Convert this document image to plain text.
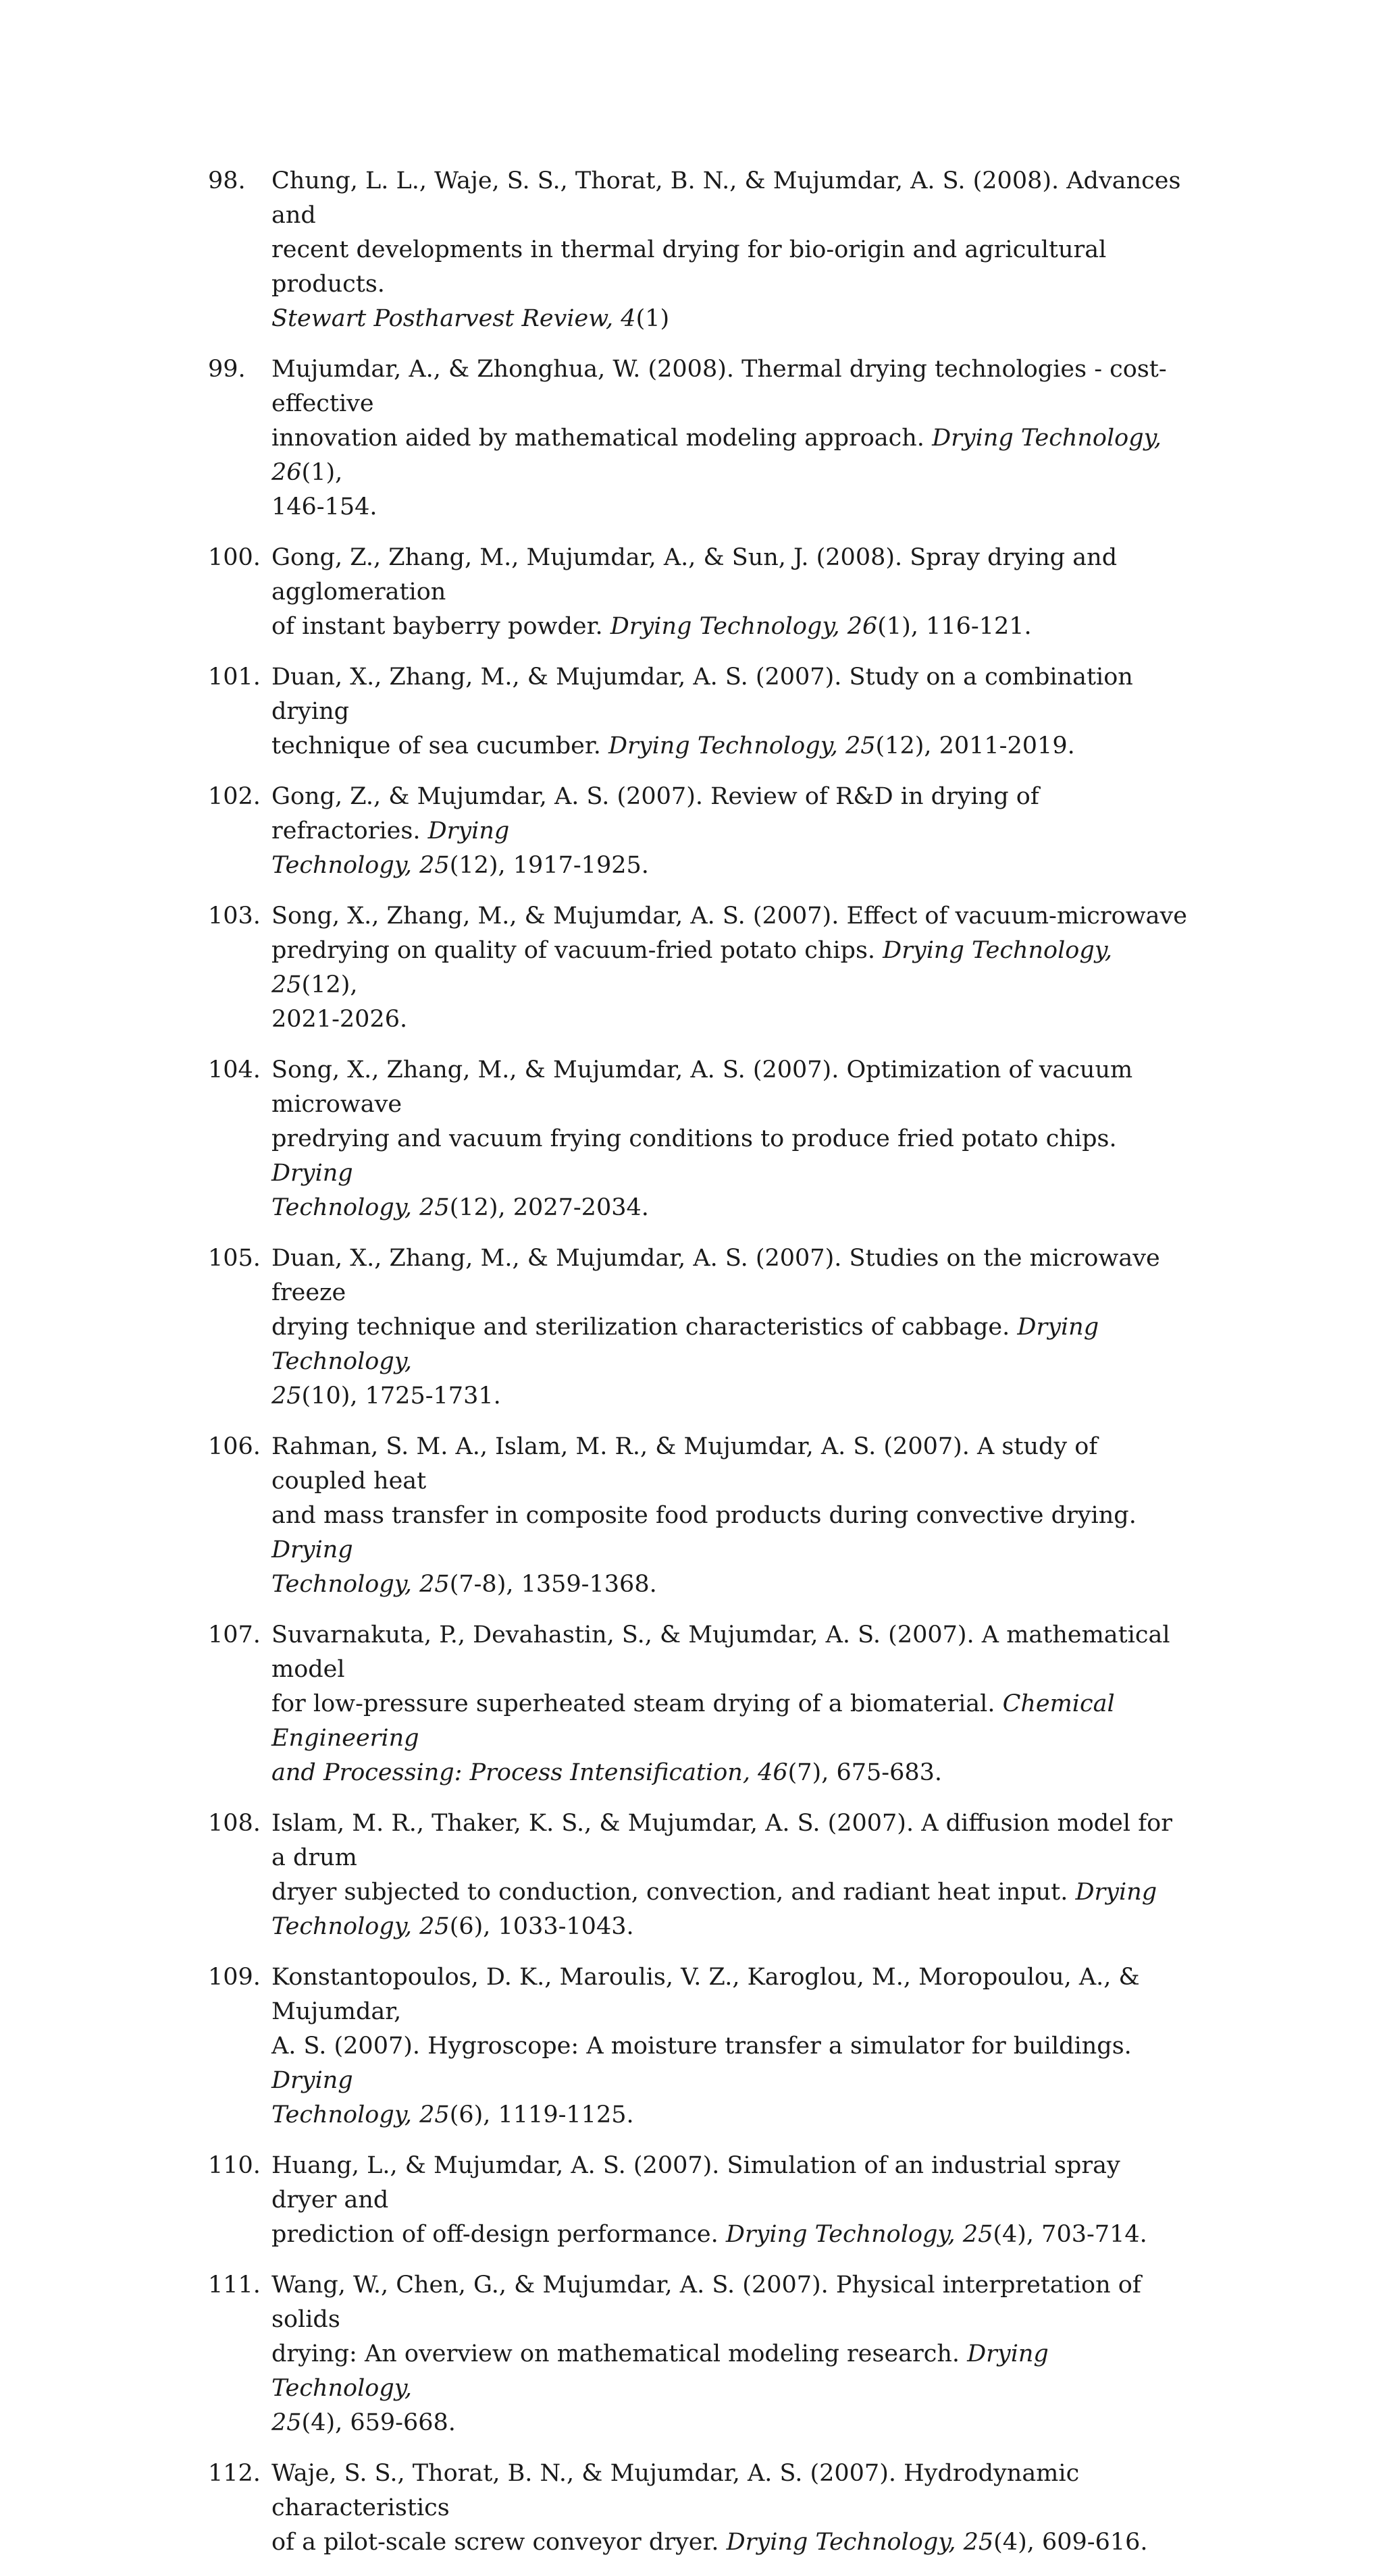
98.	Chung, L. L., Waje, S. S., Thorat, B. N., & Mujumdar, A. S. (2008). Advances and
recent developments in thermal drying for bio-origin and agricultural products.
Stewart Postharvest Review, 4(1)
99.	Mujumdar, A., & Zhonghua, W. (2008). Thermal drying technologies - cost-effective
innovation aided by mathematical modeling approach. Drying Technology, 26(1),
146-154.
100. Gong, Z., Zhang, M., Mujumdar, A., & Sun, J. (2008). Spray drying and agglomeration
of instant bayberry powder. Drying Technology, 26(1), 116-121.
101. Duan, X., Zhang, M., & Mujumdar, A. S. (2007). Study on a combination drying
technique of sea cucumber. Drying Technology, 25(12), 2011-2019.
102. Gong, Z., & Mujumdar, A. S. (2007). Review of R&D in drying of refractories. Drying
Technology, 25(12), 1917-1925.
103. Song, X., Zhang, M., & Mujumdar, A. S. (2007). Effect of vacuum-microwave
predrying on quality of vacuum-fried potato chips. Drying Technology, 25(12),
2021-2026.
104. Song, X., Zhang, M., & Mujumdar, A. S. (2007). Optimization of vacuum microwave
predrying and vacuum frying conditions to produce fried potato chips. Drying
Technology, 25(12), 2027-2034.
105. Duan, X., Zhang, M., & Mujumdar, A. S. (2007). Studies on the microwave freeze
drying technique and sterilization characteristics of cabbage. Drying Technology,
25(10), 1725-1731.
106. Rahman, S. M. A., Islam, M. R., & Mujumdar, A. S. (2007). A study of coupled heat
and mass transfer in composite food products during convective drying. Drying
Technology, 25(7-8), 1359-1368.
107. Suvarnakuta, P., Devahastin, S., & Mujumdar, A. S. (2007). A mathematical model
for low-pressure superheated steam drying of a biomaterial. Chemical Engineering
and Processing: Process Intensification, 46(7), 675-683.
108. Islam, M. R., Thaker, K. S., & Mujumdar, A. S. (2007). A diffusion model for a drum
dryer subjected to conduction, convection, and radiant heat input. Drying
Technology, 25(6), 1033-1043.
109. Konstantopoulos, D. K., Maroulis, V. Z., Karoglou, M., Moropoulou, A., & Mujumdar,
A. S. (2007). Hygroscope: A moisture transfer a simulator for buildings. Drying
Technology, 25(6), 1119-1125.
110. Huang, L., & Mujumdar, A. S. (2007). Simulation of an industrial spray dryer and
prediction of off-design performance. Drying Technology, 25(4), 703-714.
111. Wang, W., Chen, G., & Mujumdar, A. S. (2007). Physical interpretation of solids
drying: An overview on mathematical modeling research. Drying Technology,
25(4), 659-668.
112. Waje, S. S., Thorat, B. N., & Mujumdar, A. S. (2007). Hydrodynamic characteristics
of a pilot-scale screw conveyor dryer. Drying Technology, 25(4), 609-616.
